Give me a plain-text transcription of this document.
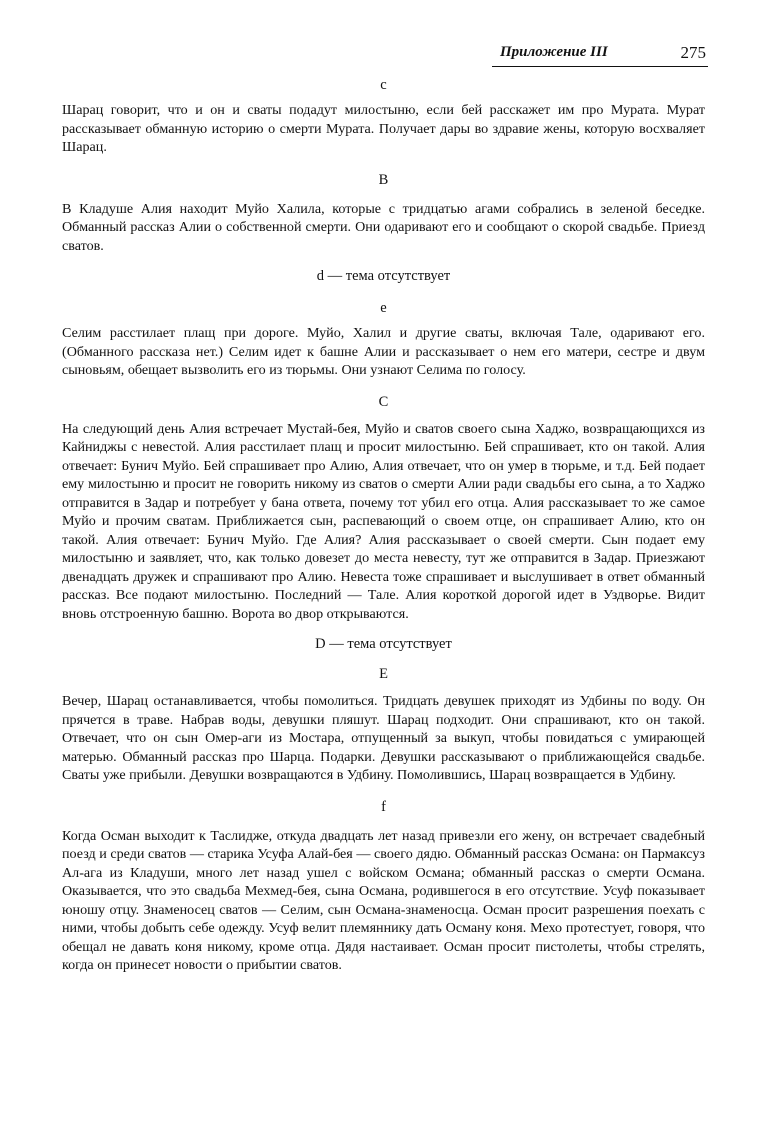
Приложение III	275

c

Шарац говорит, что и он и сваты подадут милостыню, если бей расскажет им про Мурата. Мурат рассказывает обманную историю о смерти Мурата. Получает дары во здравие жены, которую восхваляет Шарац.

B

В Кладуше Алия находит Муйо Халила, которые с тридцатью агами собрались в зеленой беседке. Обманный рассказ Алии о собственной смерти. Они одаривают его и сообщают о скорой свадьбе. Приезд сватов.

d — тема отсутствует

e

Селим расстилает плащ при дороге. Муйо, Халил и другие сваты, включая Тале, одаривают его. (Обманного рассказа нет.) Селим идет к башне Алии и рассказывает о нем его матери, сестре и двум сыновьям, обещает вызволить его из тюрьмы. Они узнают Селима по голосу.

C

На следующий день Алия встречает Мустай-бея, Муйо и сватов своего сына Хаджо, возвращающихся из Кайниджы с невестой. Алия расстилает плащ и просит милостыню. Бей спрашивает, кто он такой. Алия отвечает: Бунич Муйо. Бей спрашивает про Алию, Алия отвечает, что он умер в тюрьме, и т.д. Бей подает ему милостыню и просит не говорить никому из сватов о смерти Алии ради свадьбы его сына, а то Хаджо отправится в Задар и потребует у бана ответа, почему тот убил его отца. Алия рассказывает то же самое Муйо и прочим сватам. Приближается сын, распевающий о своем отце, он спрашивает Алию, кто он такой. Алия отвечает: Бунич Муйо. Где Алия? Алия рассказывает о своей смерти. Сын подает ему милостыню и заявляет, что, как только довезет до места невесту, тут же отправится в Задар. Приезжают двенадцать дружек и спрашивают про Алию. Невеста тоже спрашивает и выслушивает в ответ обманный рассказ. Все подают милостыню. Последний — Тале. Алия короткой дорогой идет в Уздворье. Видит вновь отстроенную башню. Ворота во двор открываются.

D — тема отсутствует

E

Вечер, Шарац останавливается, чтобы помолиться. Тридцать девушек приходят из Удбины по воду. Он прячется в траве. Набрав воды, девушки пляшут. Шарац подходит. Они спрашивают, кто он такой. Отвечает, что он сын Омер-аги из Мостара, отпущенный за выкуп, чтобы повидаться с умирающей матерью. Обманный рассказ про Шарца. Подарки. Девушки рассказывают о приближающейся свадьбе. Сваты уже прибыли. Девушки возвращаются в Удбину. Помолившись, Шарац возвращается в Удбину.

f

Когда Осман выходит к Таслидже, откуда двадцать лет назад привезли его жену, он встречает свадебный поезд и среди сватов — старика Усуфа Алай-бея — своего дядю. Обманный рассказ Османа: он Пармаксуз Ал-ага из Кладуши, много лет назад ушел с войском Османа; обманный рассказ о смерти Османа. Оказывается, что это свадьба Мехмед-бея, сына Османа, родившегося в его отсутствие. Усуф показывает юношу отцу. Знаменосец сватов — Селим, сын Османа-знаменосца. Осман просит разрешения поехать с ними, чтобы добыть себе одежду. Усуф велит племяннику дать Осману коня. Мехо протестует, говоря, что обещал не давать коня никому, кроме отца. Дядя настаивает. Осман просит пистолеты, чтобы стрелять, когда он принесет новости о прибытии сватов.
